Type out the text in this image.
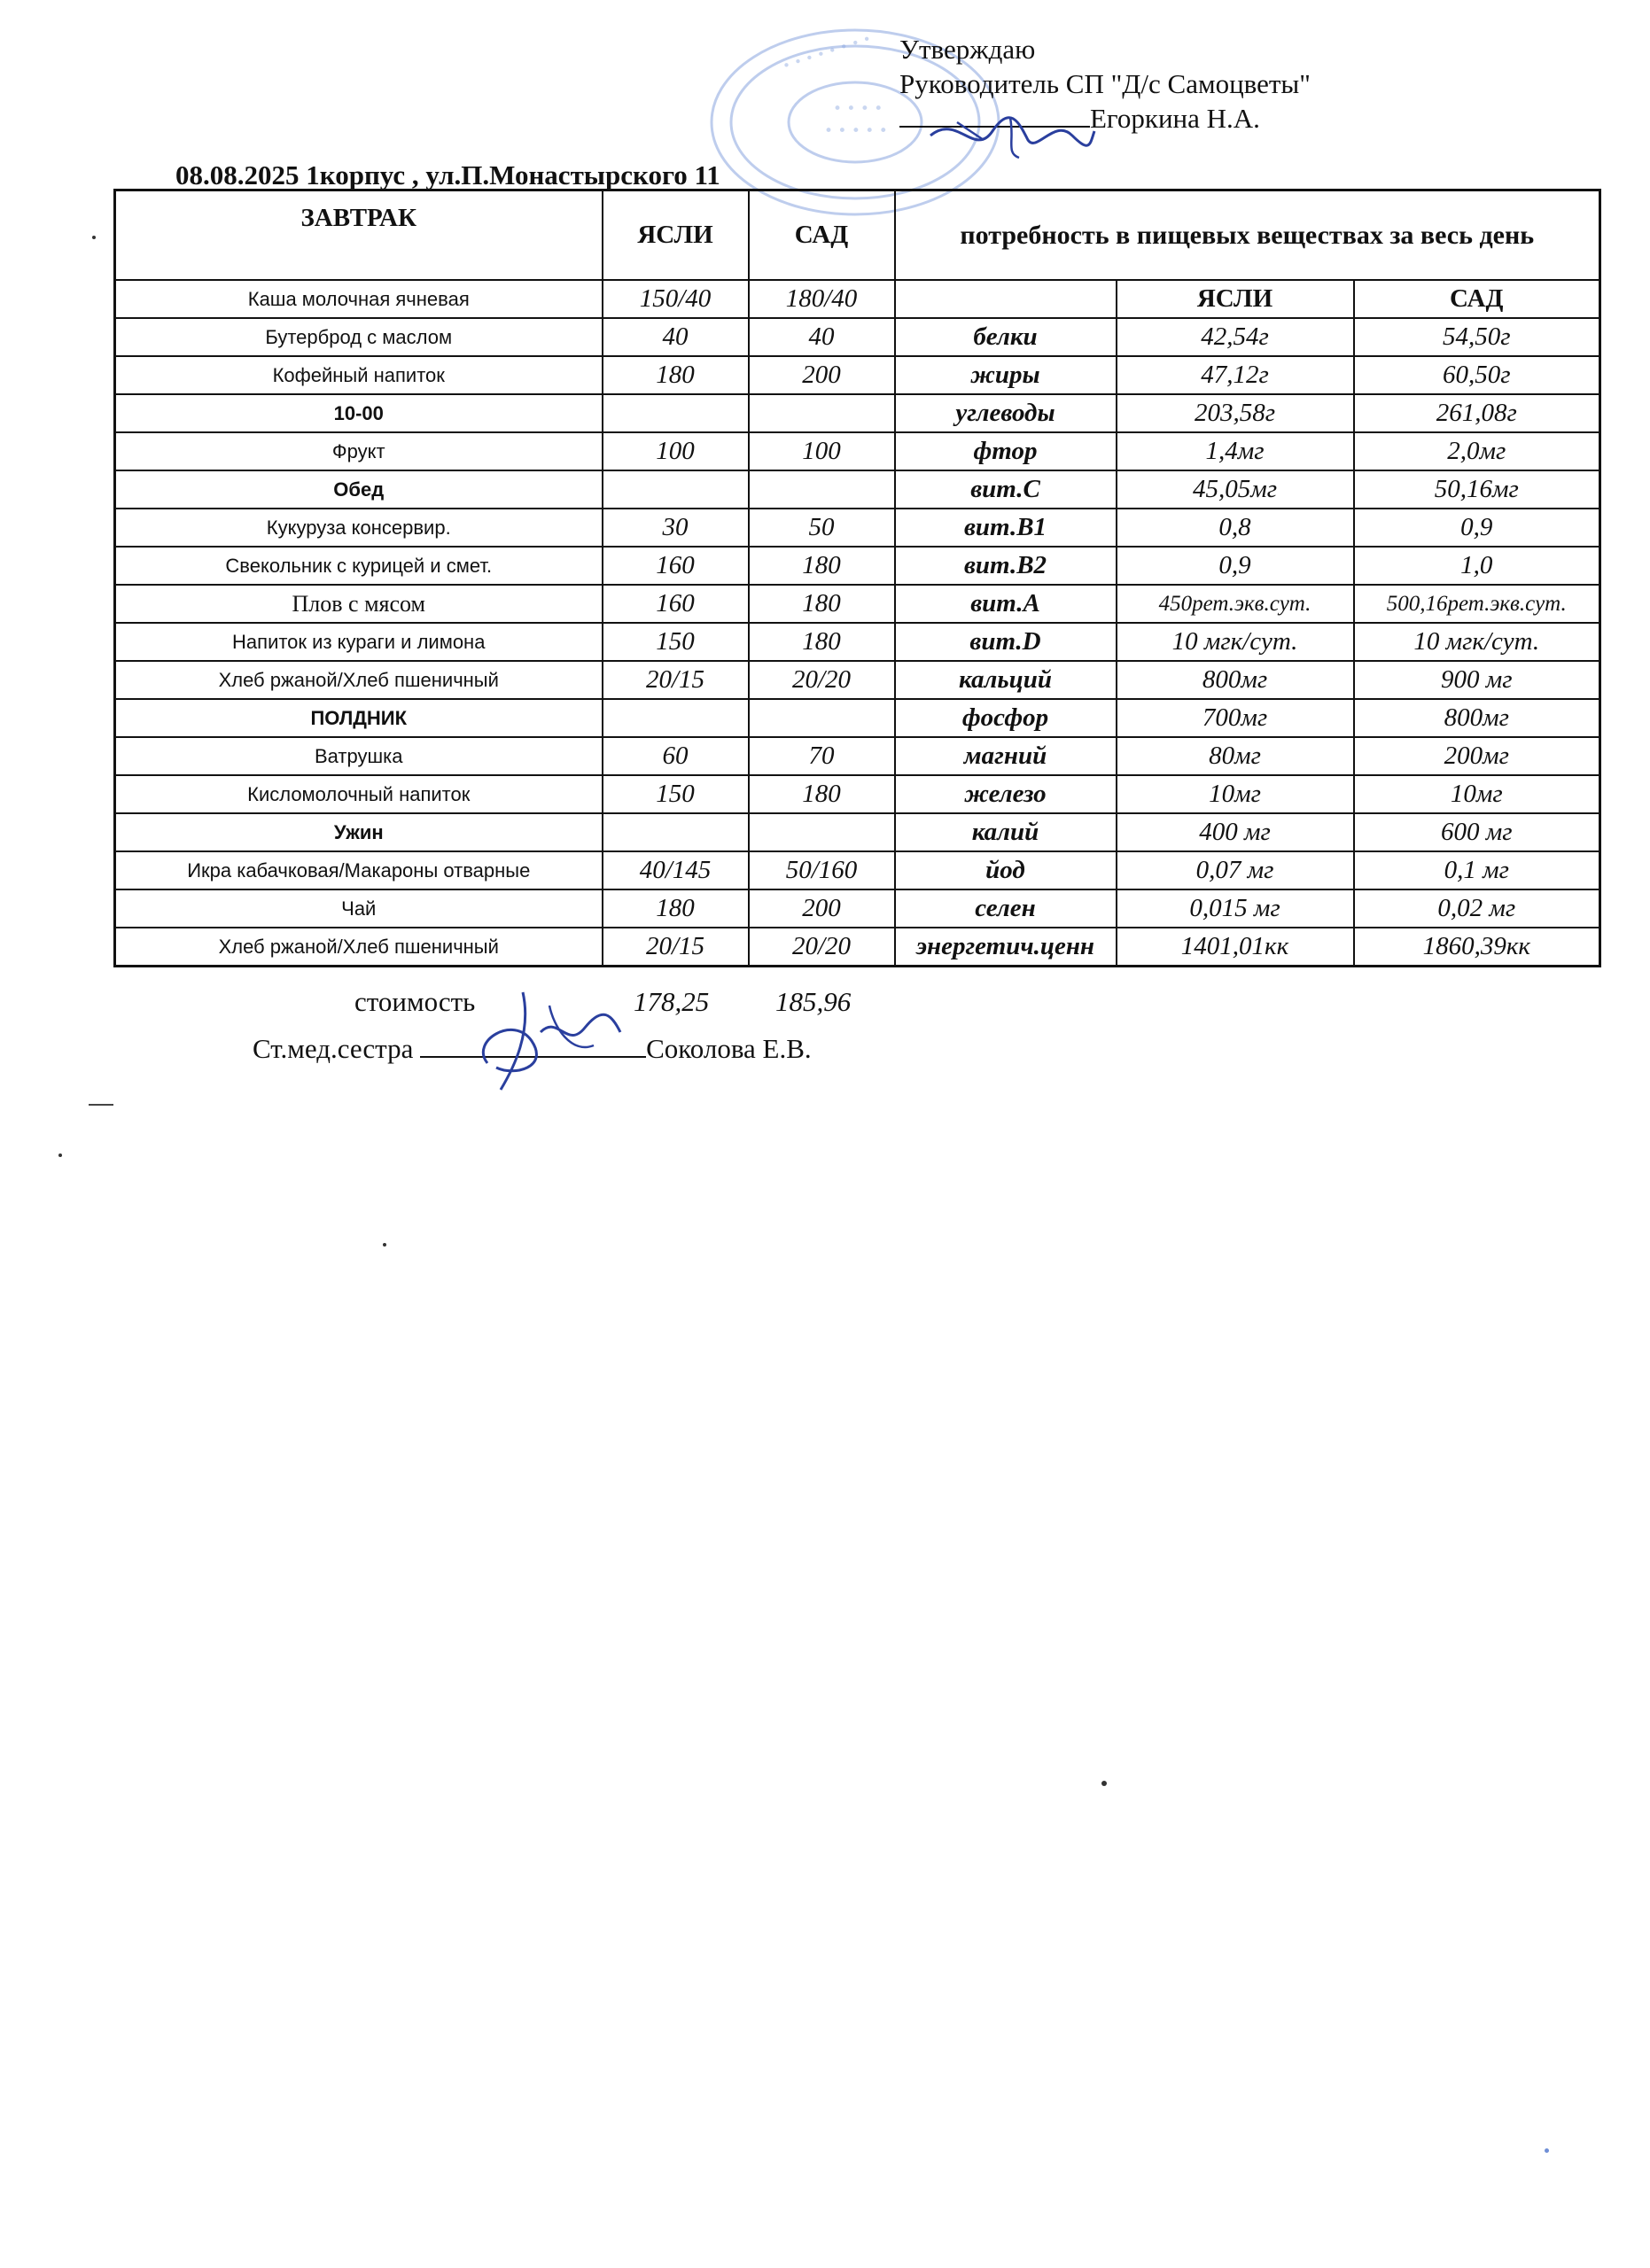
• • • • • • • •
• • • •
• • • • •
Утверждаю
Руководитель СП "Д/с Самоцветы"
Егоркина Н.А.
08.08.2025 1корпус , ул.П.Монастырского 11
ЗАВТРАК	ЯСЛИ	САД	потребность в пищевых веществах за весь день		
Каша молочная ячневая	150/40	180/40		ЯСЛИ	САД
Бутерброд с маслом	40	40	белки	42,54г	54,50г
Кофейный напиток	180	200	жиры	47,12г	60,50г
10-00			углеводы	203,58г	261,08г
Фрукт	100	100	фтор	1,4мг	2,0мг
Обед			вит.С	45,05мг	50,16мг
Кукуруза консервир.	30	50	вит.В1	0,8	0,9
Свекольник с курицей и смет.	160	180	вит.В2	0,9	1,0
Плов с мясом	160	180	вит.А	450рет.экв.сут.	500,16рет.экв.сут.
Напиток из кураги и лимона	150	180	вит.D	10 мгк/сут.	10 мгк/сут.
Хлеб ржаной/Хлеб пшеничный	20/15	20/20	кальций	800мг	900 мг
ПОЛДНИК			фосфор	700мг	800мг
Ватрушка	60	70	магний	80мг	200мг
Кисломолочный напиток	150	180	железо	10мг	10мг
Ужин			калий	400 мг	600 мг
Икра кабачковая/Макароны отварные	40/145	50/160	йод	0,07 мг	0,1 мг
Чай	180	200	селен	0,015 мг	0,02 мг
Хлеб ржаной/Хлеб пшеничный	20/15	20/20	энергетич.ценн	1401,01кк	1860,39кк
стоимость	178,25 185,96
Ст.мед.сестра	Соколова Е.В.
